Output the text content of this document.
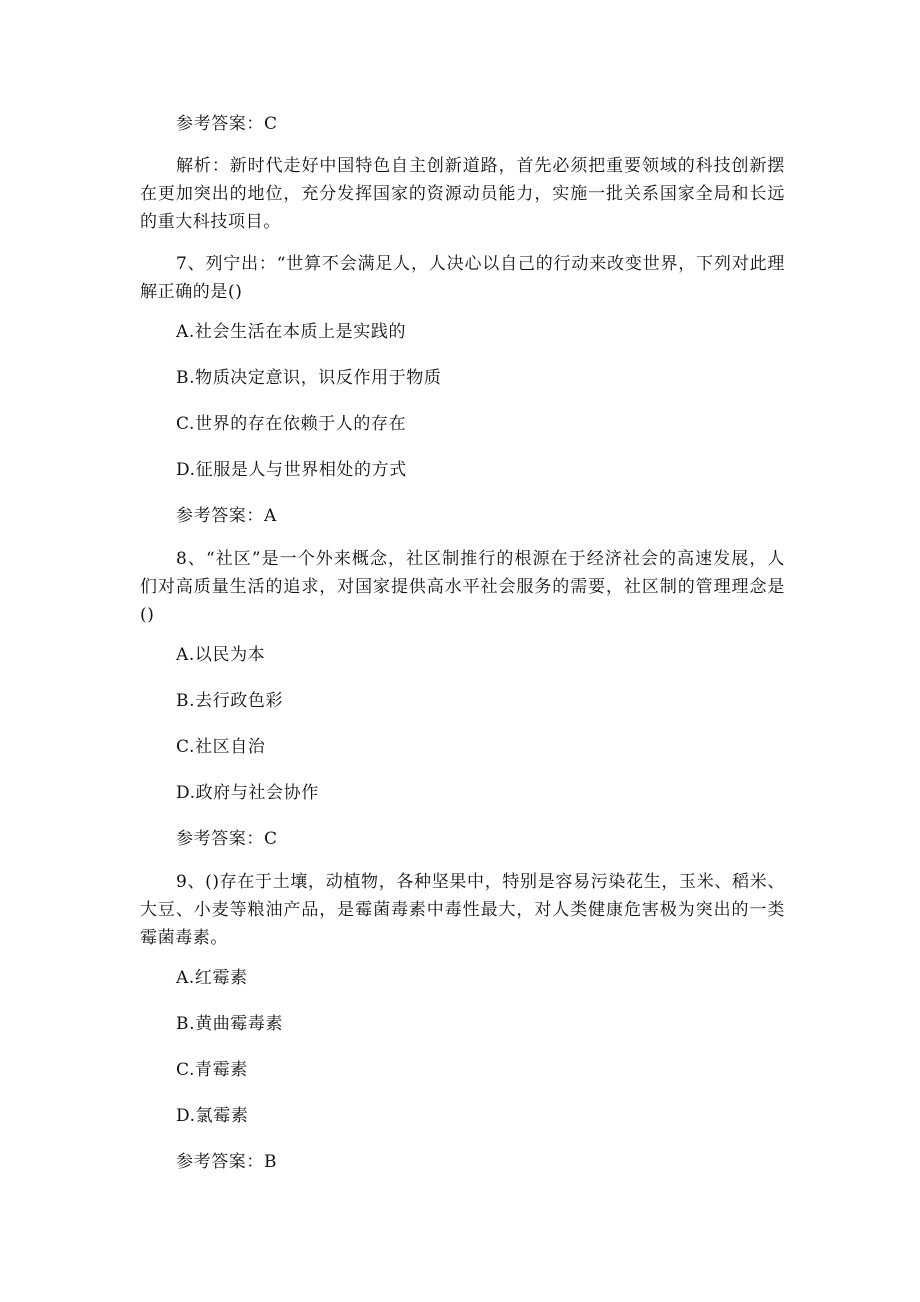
参考答案：C

解析：新时代走好中国特色自主创新道路，首先必须把重要领域的科技创新摆在更加突出的地位，充分发挥国家的资源动员能力，实施一批关系国家全局和长远的重大科技项目。

7、列宁出：“世算不会满足人，人决心以自己的行动来改变世界，下列对此理解正确的是()

A.社会生活在本质上是实践的

B.物质决定意识，识反作用于物质

C.世界的存在依赖于人的存在

D.征服是人与世界相处的方式

参考答案：A

8、“社区”是一个外来概念，社区制推行的根源在于经济社会的高速发展，人们对高质量生活的追求，对国家提供高水平社会服务的需要，社区制的管理理念是()

A.以民为本

B.去行政色彩

C.社区自治

D.政府与社会协作

参考答案：C

9、()存在于土壤，动植物，各种坚果中，特别是容易污染花生，玉米、稻米、大豆、小麦等粮油产品，是霉菌毒素中毒性最大，对人类健康危害极为突出的一类霉菌毒素。

A.红霉素

B.黄曲霉毒素

C.青霉素

D.氯霉素

参考答案：B
